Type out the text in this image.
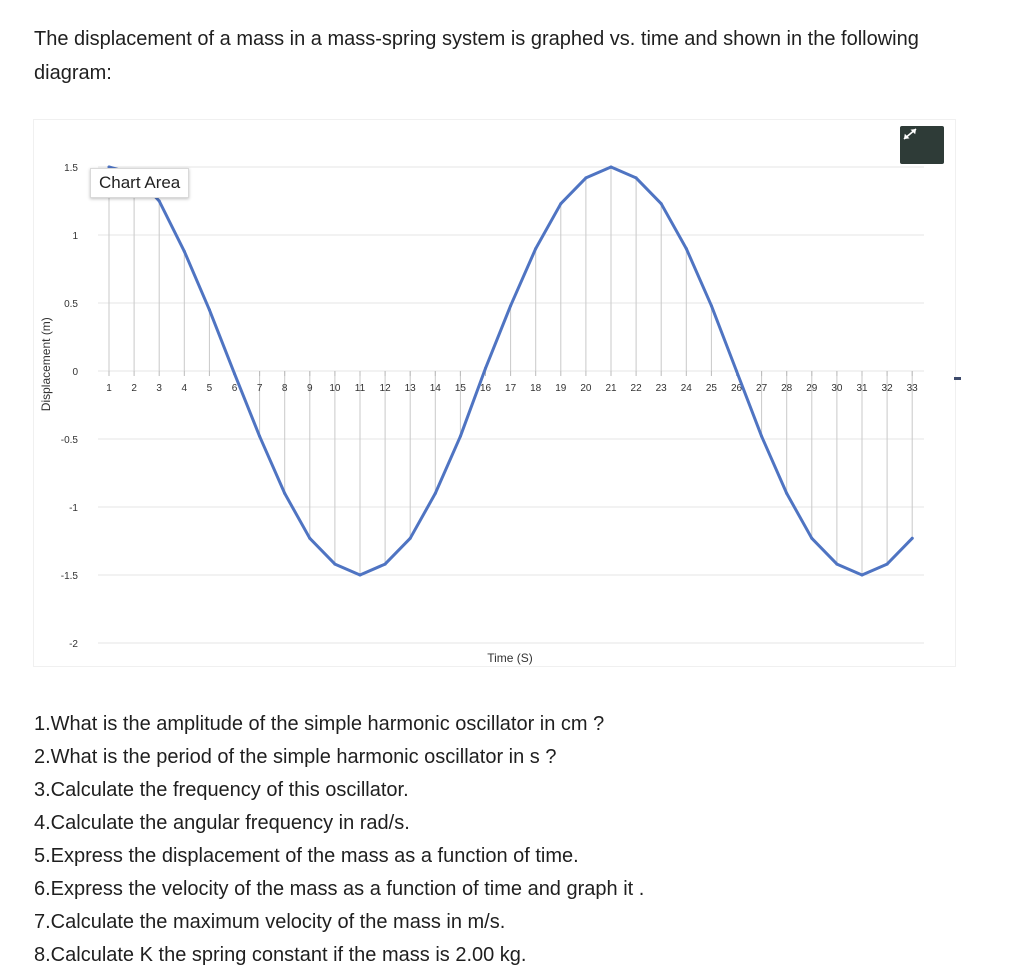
The displacement of a mass in a mass-spring system is graphed vs. time and shown in the following diagram:

1.5
1
0.5
0
-0.5
-1
-1.5
-2
1 2 3 4 5 6 7 8 9 10 11 12 13 14 15 16 17 18 19 20 21 22 23 24 25 26 27 28 29 30 31 32 33
Displacement (m)
Time (S)
Chart Area
1.What is the amplitude of the simple harmonic oscillator in cm ?
2.What is the period of the simple harmonic oscillator in s ?
3.Calculate the frequency of this oscillator.
4.Calculate the angular frequency in rad/s.
5.Express the displacement of the mass as a function of time.
6.Express the velocity of the mass as a function of time and graph it .
7.Calculate the maximum velocity of the mass in m/s.
8.Calculate K the spring constant if the mass is 2.00 kg.
